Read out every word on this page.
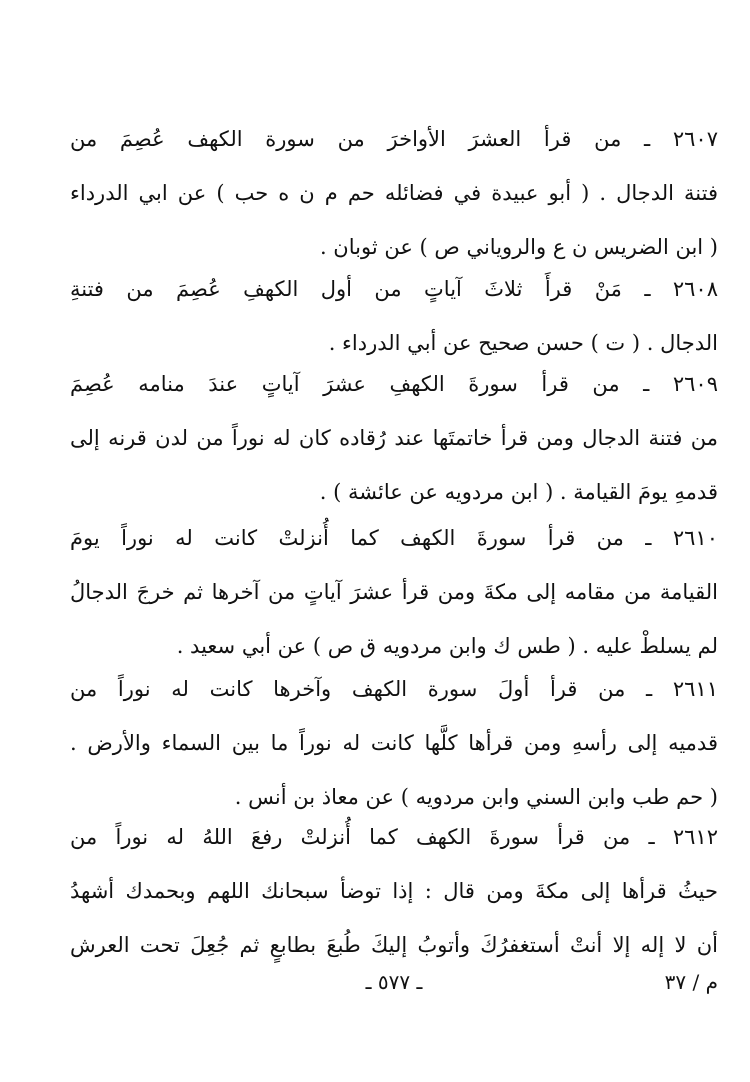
٢٦٠٧ ـ من قرأ العشرَ الأواخرَ من سورة الكهف عُصِمَ من
فتنة الدجال . ( أبو عبيدة في فضائله حم م ن ه حب ) عن ابي الدرداء
( ابن الضريس ن ع والروياني ص ) عن ثوبان .
٢٦٠٨ ـ مَنْ قرأَ ثلاثَ آياتٍ من أول الكهفِ عُصِمَ من فتنةِ
الدجال . ( ت ) حسن صحيح عن أبي الدرداء .
٢٦٠٩ ـ من قرأ سورةَ الكهفِ عشرَ آياتٍ عندَ منامه عُصِمَ
من فتنة الدجال ومن قرأ خاتمتَها عند رُقاده كان له نوراً من لدن قرنه إلى
قدمهِ يومَ القيامة . ( ابن مردويه عن عائشة ) .
٢٦١٠ ـ من قرأ سورةَ الكهف كما أُنزلتْ كانت له نوراً يومَ
القيامة من مقامه إلى مكةَ ومن قرأ عشرَ آياتٍ من آخرها ثم خرجَ الدجالُ
لم يسلطْ عليه . ( طس ك وابن مردويه ق ص ) عن أبي سعيد .
٢٦١١ ـ من قرأ أولَ سورة الكهف وآخرها كانت له نوراً من
قدميه إلى رأسهِ ومن قرأها كلَّها كانت له نوراً ما بين السماء والأرض .
( حم طب وابن السني وابن مردويه ) عن معاذ بن أنس .
٢٦١٢ ـ من قرأ سورةَ الكهف كما أُنزلتْ رفعَ اللهُ له نوراً من
حيثُ قرأها إلى مكةَ ومن قال : إذا توضأ سبحانك اللهم وبحمدك أشهدُ
أن لا إله إلا أنتْ أستغفرُكَ وأتوبُ إليكَ طُبعَ بطابعٍ ثم جُعِلَ تحت العرش
م / ٣٧
ـ ٥٧٧ ـ
